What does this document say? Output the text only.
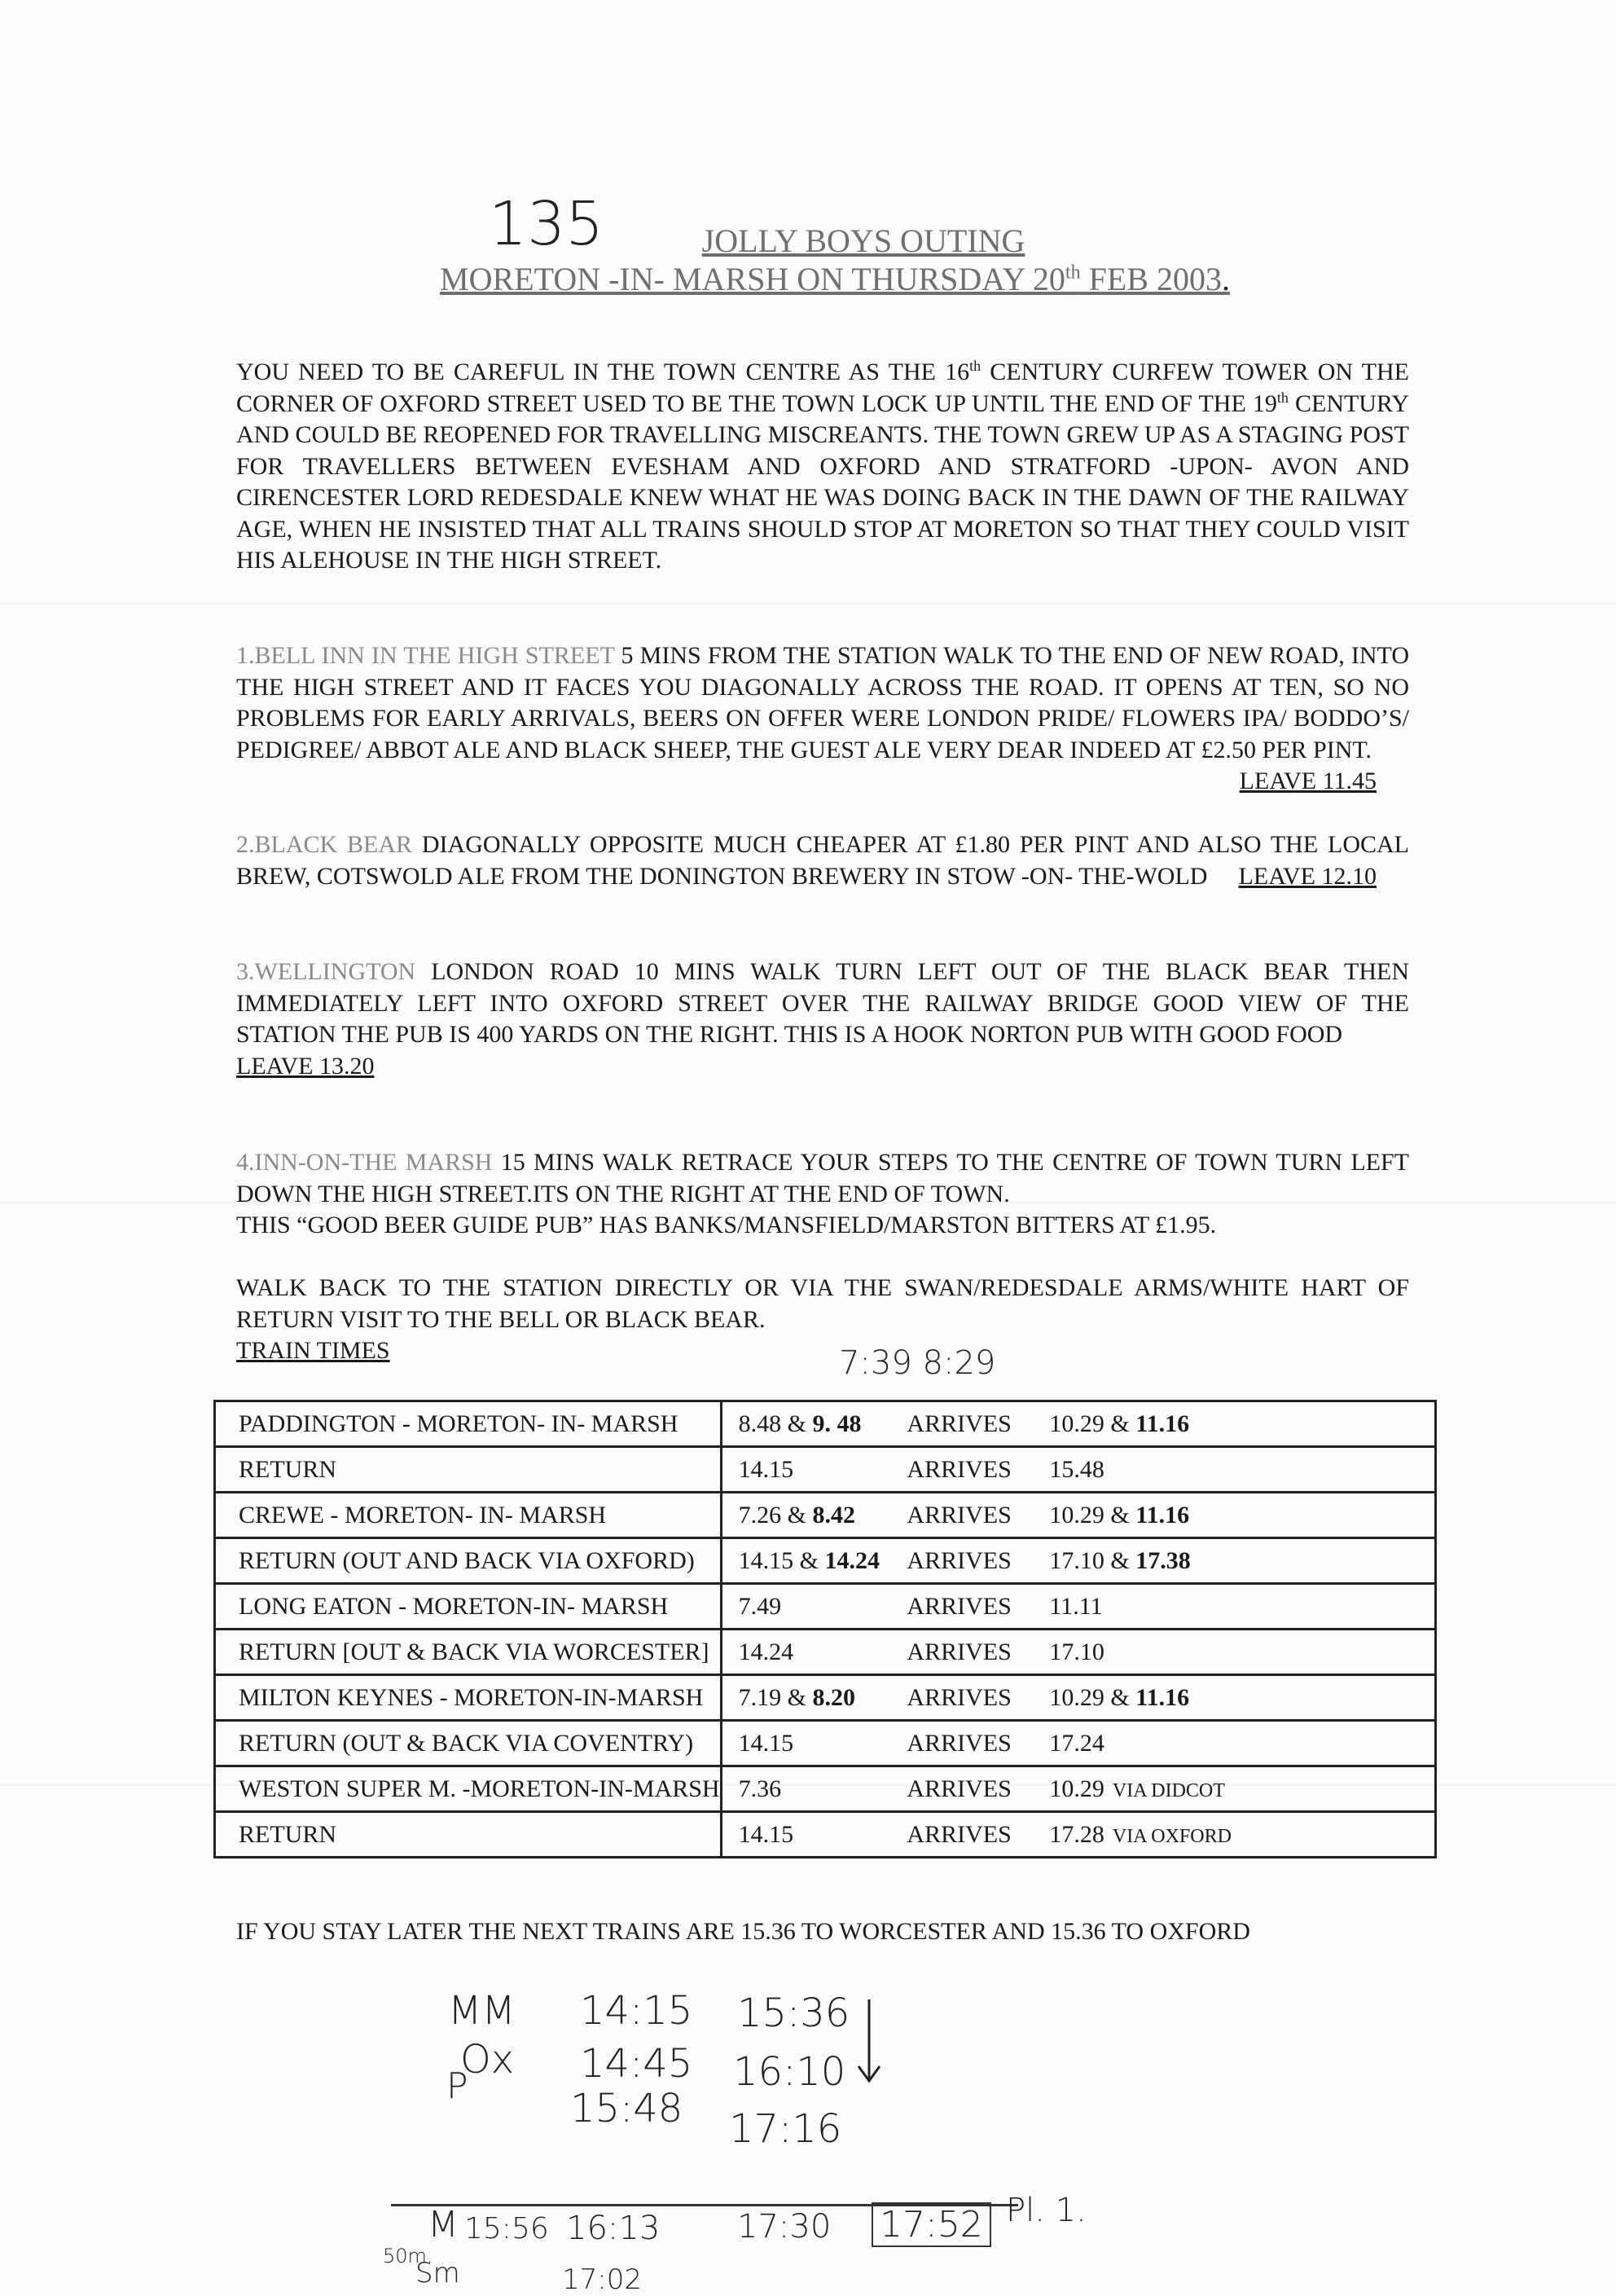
135	JOLLY BOYS OUTING
MORETON -IN- MARSH ON THURSDAY 20th FEB 2003.
YOU NEED TO BE CAREFUL IN THE TOWN CENTRE AS THE 16th CENTURY CURFEW TOWER ON THE CORNER OF OXFORD STREET USED TO BE THE TOWN LOCK UP UNTIL THE END OF THE 19th CENTURY AND COULD BE REOPENED FOR TRAVELLING MISCREANTS. THE TOWN GREW UP AS A STAGING POST FOR TRAVELLERS BETWEEN EVESHAM AND OXFORD AND STRATFORD -UPON- AVON AND CIRENCESTER LORD REDESDALE KNEW WHAT HE WAS DOING BACK IN THE DAWN OF THE RAILWAY AGE, WHEN HE INSISTED THAT ALL TRAINS SHOULD STOP AT MORETON SO THAT THEY COULD VISIT HIS ALEHOUSE IN THE HIGH STREET.
1.BELL INN IN THE HIGH STREET 5 MINS FROM THE STATION WALK TO THE END OF NEW ROAD, INTO THE HIGH STREET AND IT FACES YOU DIAGONALLY ACROSS THE ROAD. IT OPENS AT TEN, SO NO PROBLEMS FOR EARLY ARRIVALS, BEERS ON OFFER WERE LONDON PRIDE/ FLOWERS IPA/ BODDO’S/ PEDIGREE/ ABBOT ALE AND BLACK SHEEP, THE GUEST ALE VERY DEAR INDEED AT £2.50 PER PINT.
LEAVE 11.45
2.BLACK BEAR DIAGONALLY OPPOSITE MUCH CHEAPER AT £1.80 PER PINT AND ALSO THE LOCAL BREW, COTSWOLD ALE FROM THE DONINGTON BREWERY IN STOW -ON- THE-WOLD LEAVE 12.10
3.WELLINGTON LONDON ROAD 10 MINS WALK TURN LEFT OUT OF THE BLACK BEAR THEN IMMEDIATELY LEFT INTO OXFORD STREET OVER THE RAILWAY BRIDGE GOOD VIEW OF THE STATION THE PUB IS 400 YARDS ON THE RIGHT. THIS IS A HOOK NORTON PUB WITH GOOD FOOD
LEAVE 13.20
4.INN-ON-THE MARSH 15 MINS WALK RETRACE YOUR STEPS TO THE CENTRE OF TOWN TURN LEFT DOWN THE HIGH STREET.ITS ON THE RIGHT AT THE END OF TOWN.
THIS “GOOD BEER GUIDE PUB” HAS BANKS/MANSFIELD/MARSTON BITTERS AT £1.95.
WALK BACK TO THE STATION DIRECTLY OR VIA THE SWAN/REDESDALE ARMS/WHITE HART OF RETURN VISIT TO THE BELL OR BLACK BEAR.
TRAIN TIMES	7:39 8:29
PADDINGTON - MORETON- IN- MARSH	8.48 & 9. 48	ARRIVES 10.29 & 11.16
RETURN	14.15	ARRIVES 15.48
CREWE - MORETON- IN- MARSH	7.26 & 8.42	ARRIVES 10.29 & 11.16
RETURN (OUT AND BACK VIA OXFORD)	14.15 & 14.24	ARRIVES 17.10 & 17.38
LONG EATON - MORETON-IN- MARSH	7.49	ARRIVES 11.11
RETURN [OUT & BACK VIA WORCESTER]	14.24	ARRIVES 17.10
MILTON KEYNES - MORETON-IN-MARSH	7.19 & 8.20	ARRIVES 10.29 & 11.16
RETURN (OUT & BACK VIA COVENTRY)	14.15	ARRIVES 17.24
WESTON SUPER M. -MORETON-IN-MARSH	7.36	ARRIVES 10.29 VIA DIDCOT
RETURN	14.15	ARRIVES 17.28 VIA OXFORD
IF YOU STAY LATER THE NEXT TRAINS ARE 15.36 TO WORCESTER AND 15.36 TO OXFORD
MM 14:15 15:36
Ox 14:45 16:10
P	15:48 17:16
M 15:56 16:13 17:30 17:52 Pl. 1.
50m.
Sm	17:02
